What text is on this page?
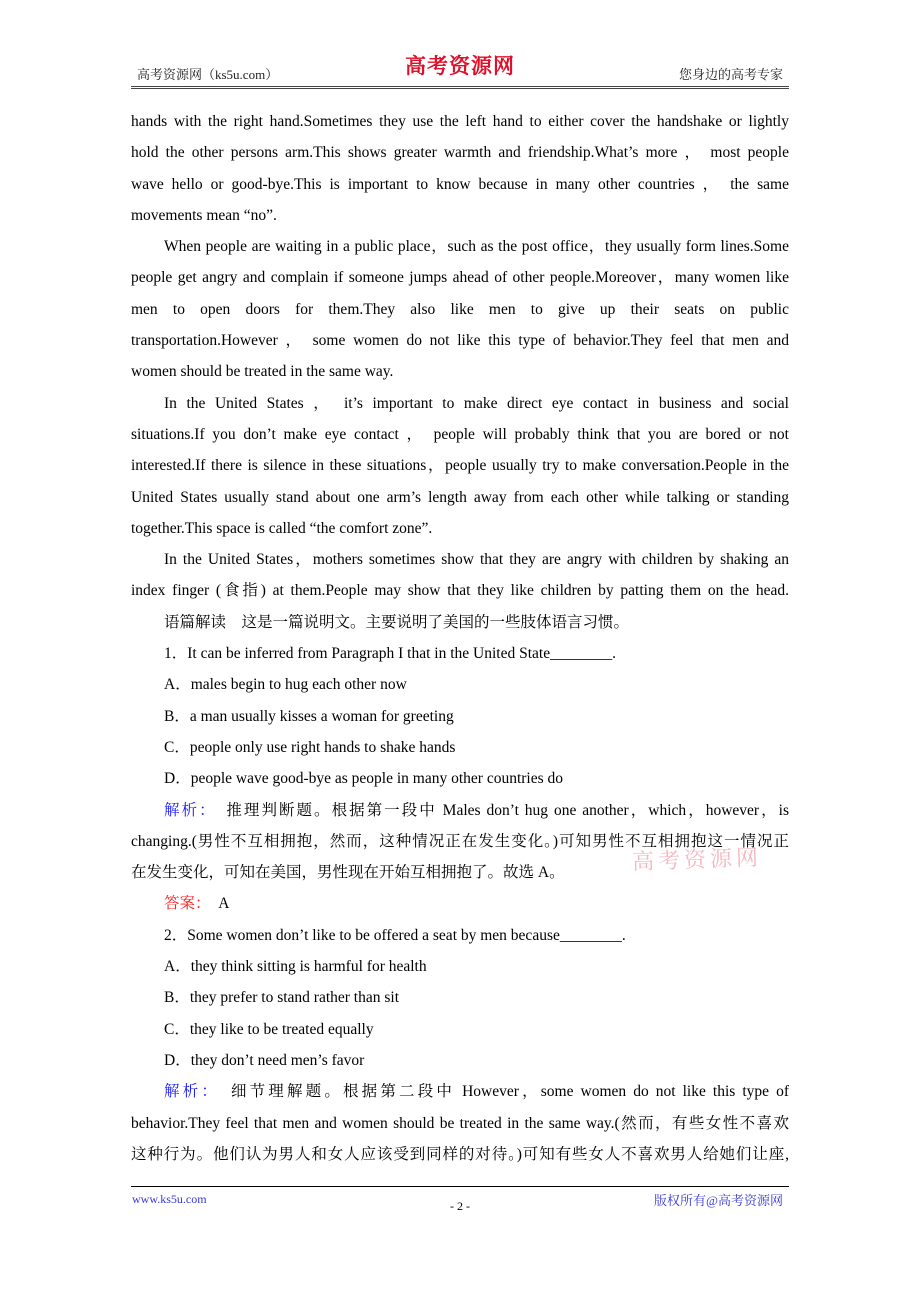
高考资源网（ks5u.com）	高考资源网	您身边的高考专家
hands with the right hand.Sometimes they use the left hand to either cover the handshake or lightly
hold the other persons arm.This shows greater warmth and friendship.What’s more ， most people
wave hello or good-bye.This is important to know because in many other countries ， the same
movements mean “no”.
When people are waiting in a public place，such as the post office，they usually form lines.Some
people get angry and complain if someone jumps ahead of other people.Moreover，many women like
men to open doors for them.They also like men to give up their seats on public
transportation.However ， some women do not like this type of behavior.They feel that men and
women should be treated in the same way.
In the United States ， it’s important to make direct eye contact in business and social
situations.If you don’t make eye contact ， people will probably think that you are bored or not
interested.If there is silence in these situations，people usually try to make conversation.People in the
United States usually stand about one arm’s length away from each other while talking or standing
together.This space is called “the comfort zone”.
In the United States，mothers sometimes show that they are angry with children by shaking an
index finger (食指) at them.People may show that they like children by patting them on the head.
语篇解读　这是一篇说明文。主要说明了美国的一些肢体语言习惯。
1．It can be inferred from Paragraph I that in the United State________.
A．males begin to hug each other now
B．a man usually kisses a woman for greeting
C．people only use right hands to shake hands
D．people wave good-bye as people in many other countries do
解析：　推理判断题。根据第一段中 Males don’t hug one another，which，however，is
changing.(男性不互相拥抱，然而，这种情况正在发生变化。)可知男性不互相拥抱这一情况正
在发生变化，可知在美国，男性现在开始互相拥抱了。故选 A。
答案：　A
2．Some women don’t like to be offered a seat by men because________.
A．they think sitting is harmful for health
B．they prefer to stand rather than sit
C．they like to be treated equally
D．they don’t need men’s favor
解析：　细节理解题。根据第二段中 However，some women do not like this type of
behavior.They feel that men and women should be treated in the same way.(然而，有些女性不喜欢
这种行为。他们认为男人和女人应该受到同样的对待。)可知有些女人不喜欢男人给她们让座,
高考资源网
www.ks5u.com	- 2 -	版权所有@高考资源网
